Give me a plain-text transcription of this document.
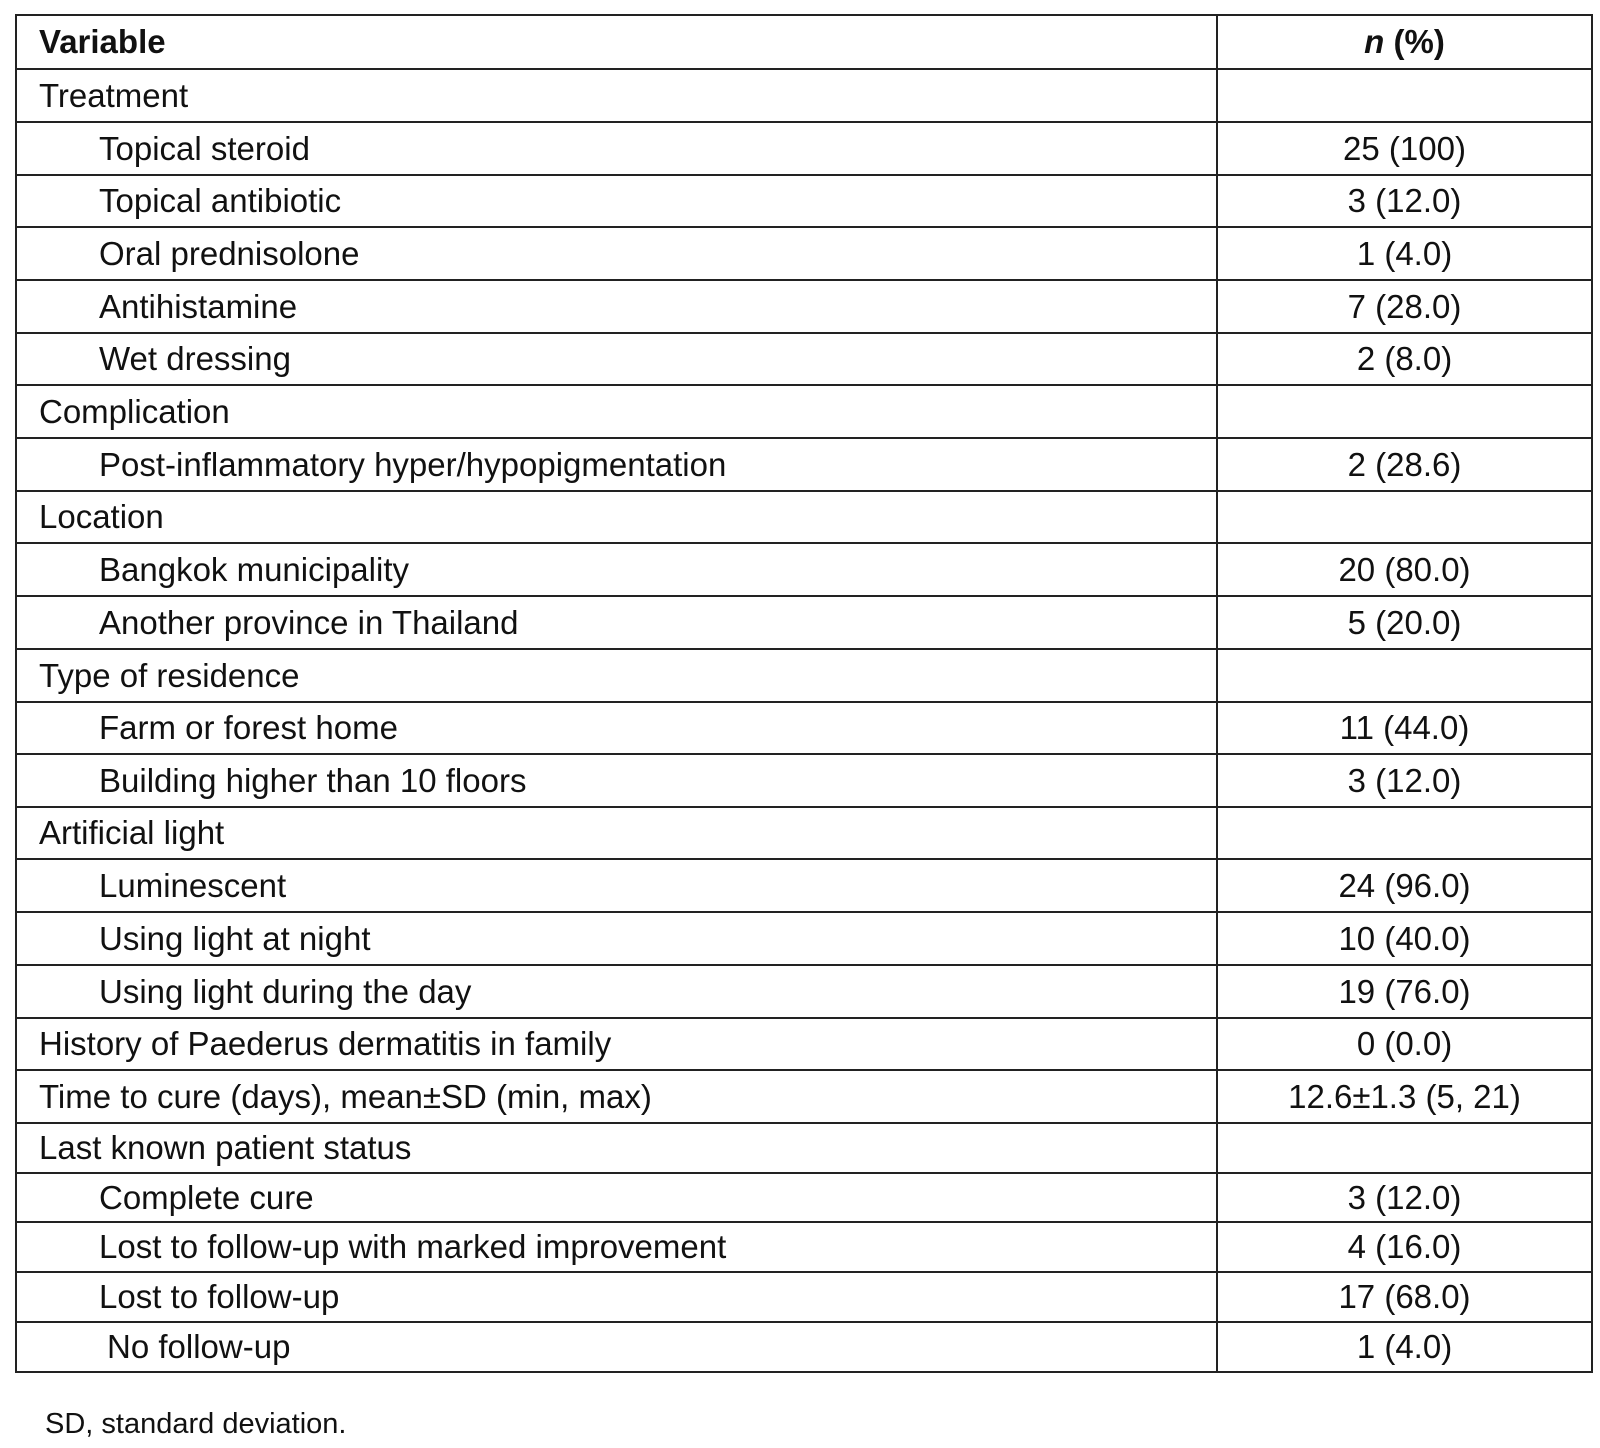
Variable	n (%)
Treatment
Topical steroid	25 (100)
Topical antibiotic	3 (12.0)
Oral prednisolone	1 (4.0)
Antihistamine	7 (28.0)
Wet dressing	2 (8.0)
Complication
Post-inflammatory hyper/hypopigmentation	2 (28.6)
Location
Bangkok municipality	20 (80.0)
Another province in Thailand	5 (20.0)
Type of residence
Farm or forest home	11 (44.0)
Building higher than 10 floors	3 (12.0)
Artificial light
Luminescent	24 (96.0)
Using light at night	10 (40.0)
Using light during the day	19 (76.0)
History of Paederus dermatitis in family	0 (0.0)
Time to cure (days), mean±SD (min, max)	12.6±1.3 (5, 21)
Last known patient status
Complete cure	3 (12.0)
Lost to follow-up with marked improvement	4 (16.0)
Lost to follow-up	17 (68.0)
No follow-up	1 (4.0)
SD, standard deviation.
